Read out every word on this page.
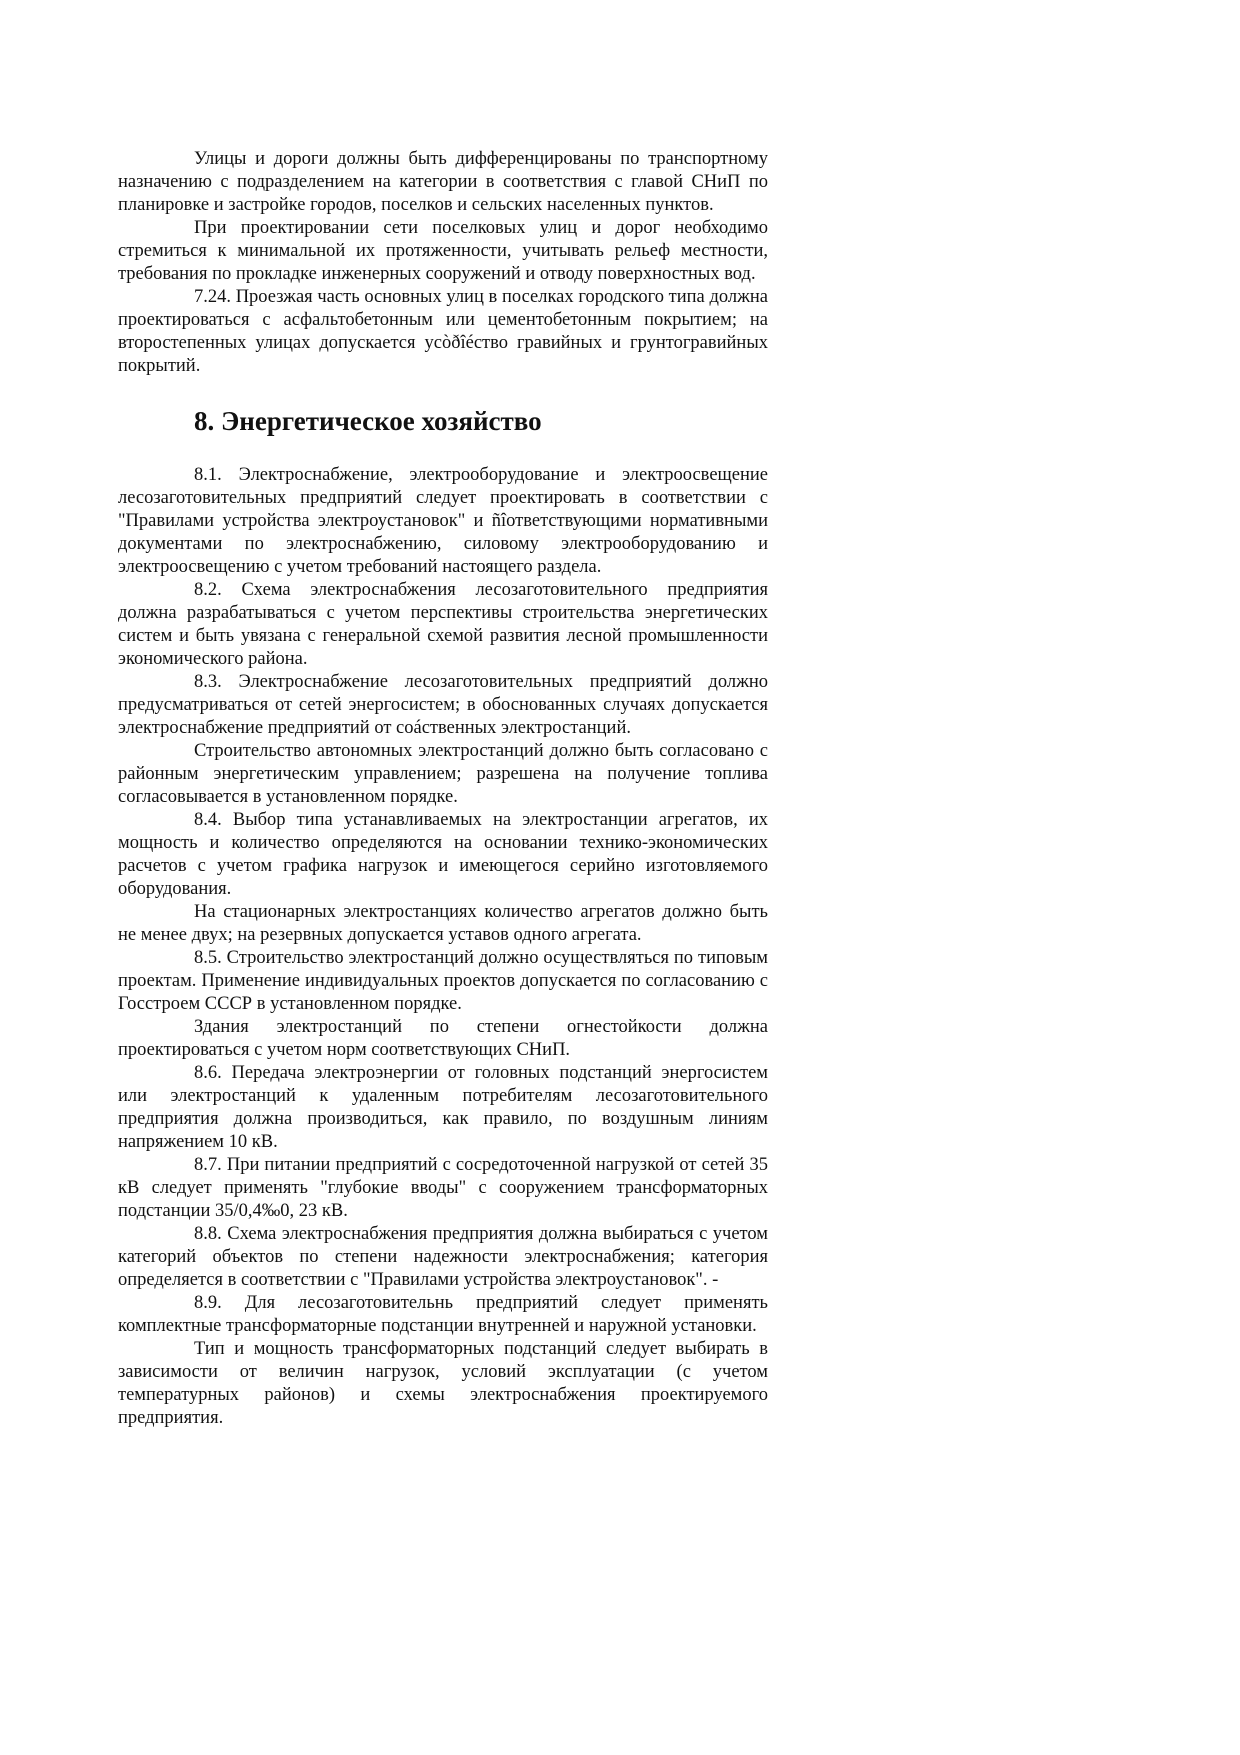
Улицы и дороги должны быть дифференцированы по транспортному назначению с подразделением на категории в соответствия с главой СНиП по планировке и застройке городов, поселков и сельских населенных пунктов.

При проектировании сети поселковых улиц и дорог необходимо стремиться к минимальной их протяженности, учитывать рельеф местности, требования по прокладке инженерных сооружений и отводу поверхностных вод.

7.24. Проезжая часть основных улиц в поселках городского типа должна проектироваться с асфальтобетонным или цементобетонным покрытием; на второстепенных улицах допускается усòðîéство гравийных и грунтогравийных покрытий.

8. Энергетическое хозяйство

8.1. Электроснабжение, электрооборудование и электроосвещение лесозаготовительных предприятий следует проектировать в соответствии с "Правилами устройства электроустановок" и ñîответствующими нормативными документами по электроснабжению, силовому электрооборудованию и электроосвещению с учетом требований настоящего раздела.

8.2. Схема электроснабжения лесозаготовительного предприятия должна разрабатываться с учетом перспективы строительства энергетических систем и быть увязана с генеральной схемой развития лесной промышленности экономического района.

8.3. Электроснабжение лесозаготовительных предприятий должно предусматриваться от сетей энергосистем; в обоснованных случаях допускается электроснабжение предприятий от соáственных электростанций.

Строительство автономных электростанций должно быть согласовано с районным энергетическим управлением; разрешена на получение топлива согласовывается в установленном порядке.

8.4. Выбор типа устанавливаемых на электростанции агрегатов, их мощность и количество определяются на основании технико-экономических расчетов с учетом графика нагрузок и имеющегося серийно изготовляемого оборудования.

На стационарных электростанциях количество агрегатов должно быть не менее двух; на резервных допускается уставов одного агрегата.

8.5. Строительство электростанций должно осуществляться по типовым проектам. Применение индивидуальных проектов допускается по согласованию с Госстроем СССР в установленном порядке.

Здания электростанций по степени огнестойкости должна проектироваться с учетом норм соответствующих СНиП.

8.6. Передача электроэнергии от головных подстанций энергосистем или электростанций к удаленным потребителям лесозаготовительного предприятия должна производиться, как правило, по воздушным линиям напряжением 10 кВ.

8.7. При питании предприятий с сосредоточенной нагрузкой от сетей 35 кВ следует применять "глубокие вводы" с сооружением трансформаторных подстанции 35/0,4‰0, 23 кВ.

8.8. Схема электроснабжения предприятия должна выбираться с учетом категорий объектов по степени надежности электроснабжения; категория определяется в соответствии с "Правилами устройства электроустановок". -

8.9. Для лесозаготовительнь предприятий следует применять комплектные трансформаторные подстанции внутренней и наружной установки.

Тип и мощность трансформаторных подстанций следует выбирать в зависимости от величин нагрузок, условий эксплуатации (с учетом температурных районов) и схемы электроснабжения проектируемого предприятия.
